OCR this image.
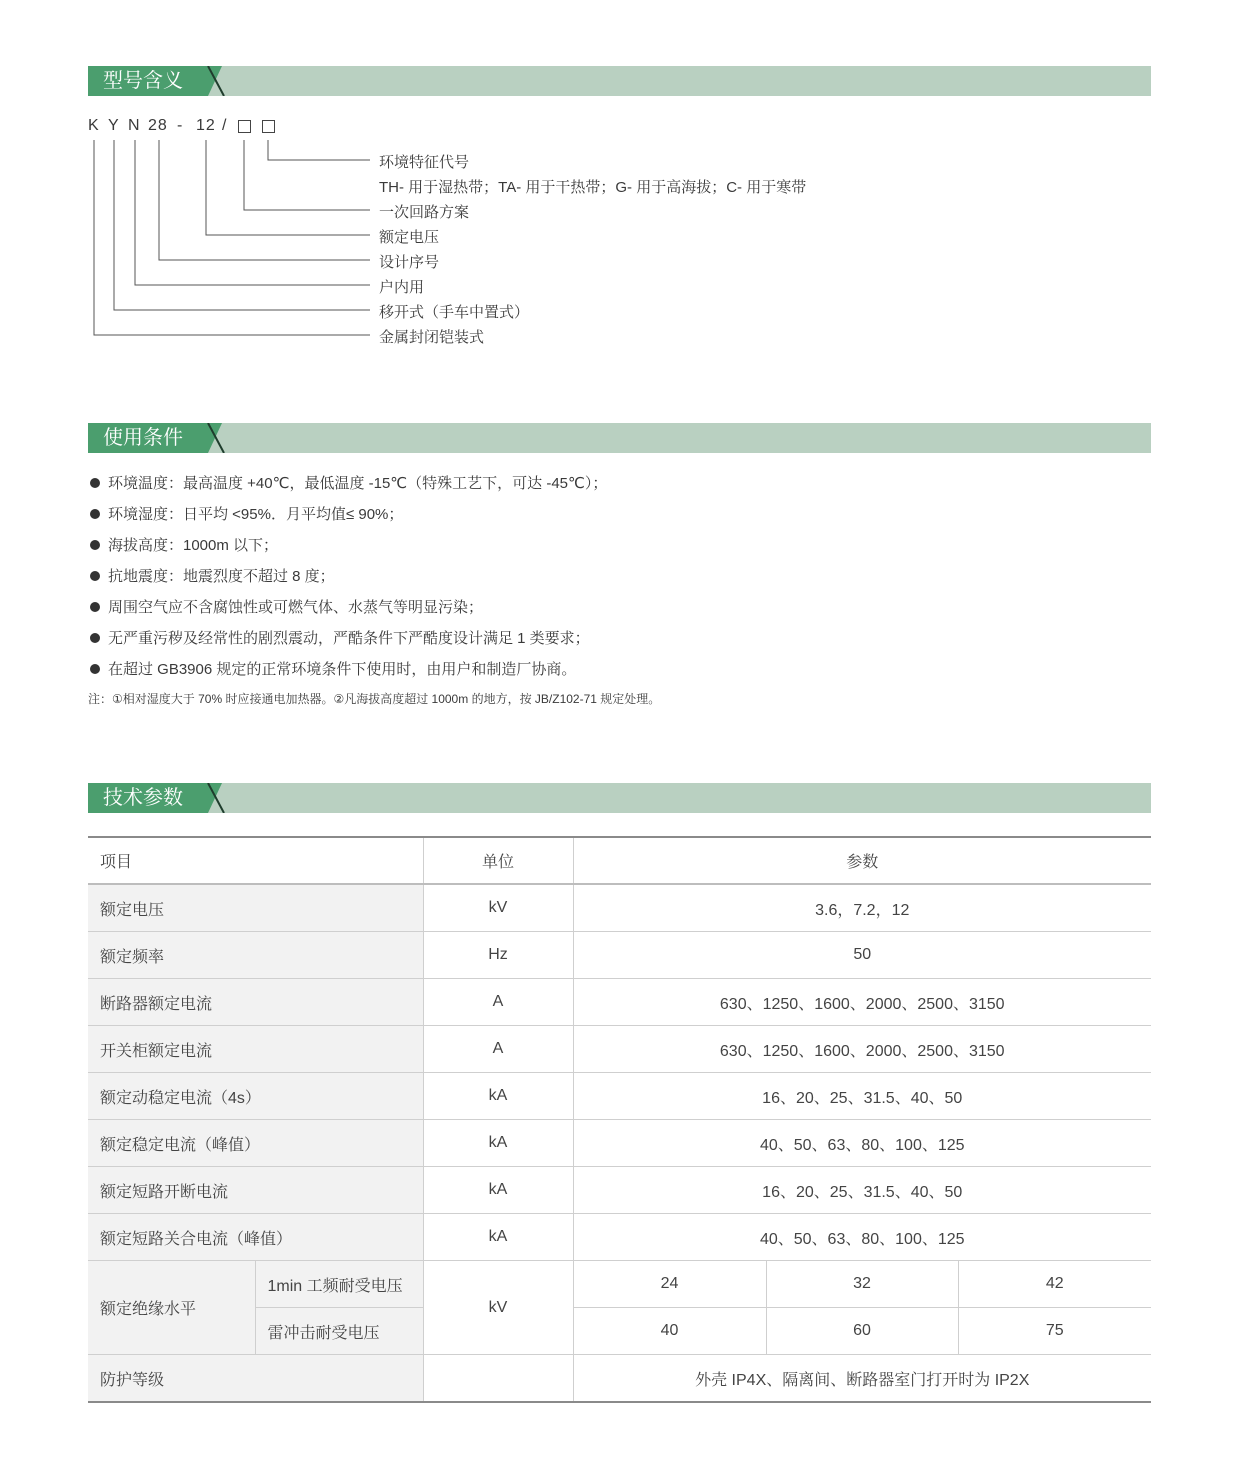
型号含义
K Y N 28 - 12 /
环境特征代号
TH- 用于湿热带；TA- 用于干热带；G- 用于高海拔；C- 用于寒带
一次回路方案
额定电压
设计序号
户内用
移开式（手车中置式）
金属封闭铠装式
使用条件
环境温度：最高温度 +40℃，最低温度 -15℃（特殊工艺下，可达 -45℃）；
环境湿度：日平均 <95%．月平均值≤ 90%；
海拔高度：1000m 以下；
抗地震度：地震烈度不超过 8 度；
周围空气应不含腐蚀性或可燃气体、水蒸气等明显污染；
无严重污秽及经常性的剧烈震动，严酷条件下严酷度设计满足 1 类要求；
在超过 GB3906 规定的正常环境条件下使用时，由用户和制造厂协商。
注：①相对湿度大于 70% 时应接通电加热器。②凡海拔高度超过 1000m 的地方，按 JB/Z102-71 规定处理。
技术参数
项目		单位	参数		
额定电压		kV	3.6，7.2，12		
额定频率		Hz	50		
断路器额定电流		A	630、1250、1600、2000、2500、3150		
开关柜额定电流		A	630、1250、1600、2000、2500、3150		
额定动稳定电流（4s）		kA	16、20、25、31.5、40、50		
额定稳定电流（峰值）		kA	40、50、63、80、100、125		
额定短路开断电流		kA	16、20、25、31.5、40、50		
额定短路关合电流（峰值）		kA	40、50、63、80、100、125		
额定绝缘水平	1min 工频耐受电压	kV	24	32	42
	雷冲击耐受电压		40	60	75
防护等级			外壳 IP4X、隔离间、断路器室门打开时为 IP2X		
